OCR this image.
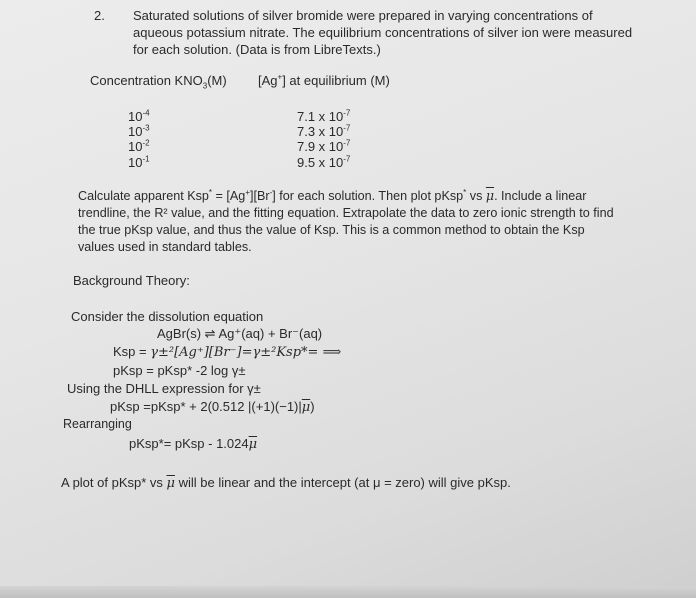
2. Saturated solutions of silver bromide were prepared in varying concentrations of
aqueous potassium nitrate. The equilibrium concentrations of silver ion were measured
for each solution. (Data is from LibreTexts.)
Concentration $KNO_3(M)$ [Ag+] at equilibrium (M)
$10^{-4}$	7.1 x $10^{-7}$
$10^{-3}$	7.3 x $10^{-7}$
$10^{-2}$	7.9 x $10^{-7}$
$10^{-1}$	9.5 x $10^{-7}$
Calculate apparent Ksp* = [Ag+][Br-] for each solution. Then plot pKsp* vs $\overline{\mu}$. Include a linear
trendline, the R² value, and the fitting equation. Extrapolate the data to zero ionic strength to find
the true pKsp value, and thus the value of Ksp. This is a common method to obtain the Ksp
values used in standard tables.
Background Theory:
Consider the dissolution equation
AgBr(s) ⇌ Ag⁺(aq) + Br⁻(aq)
Ksp = γ±²[Ag⁺][Br⁻]=γ±²Ksp*= ⟹
pKsp = pKsp* -2 log γ±
Using the DHLL expression for γ±
pKsp =pKsp* + 2(0.512 $|(+1)(-1)|\overline{\mu}$)
Rearranging
pKsp*= pKsp - $1.024\overline{\mu}$
A plot of pKsp* vs $\overline{\mu}$ will be linear and the intercept (at μ = zero) will give pKsp.
